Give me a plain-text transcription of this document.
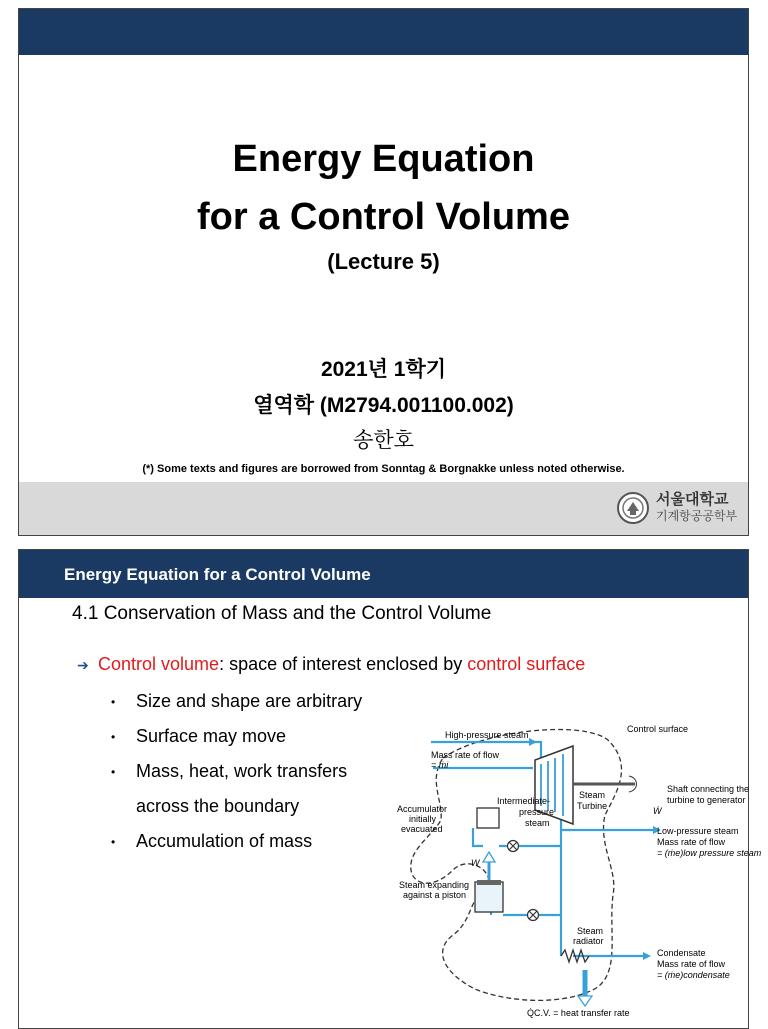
Energy Equation
for a Control Volume
(Lecture 5)
2021년 1학기
열역학 (M2794.001100.002)
송한호
(*) Some texts and figures are borrowed from Sonntag & Borgnakke unless noted otherwise.
서울대학교
기계항공공학부
Energy Equation for a Control Volume
4.1 Conservation of Mass and the Control Volume
➔ Control volume: space of interest enclosed by control surface
• Size and shape are arbitrary
• Surface may move
• Mass, heat, work transfers
across the boundary
• Accumulation of mass
High-pressure steam
Mass rate of flow
= ṁi
Control surface
Steam
Turbine
Shaft connecting the
turbine to generator
Ẇ
Intermediate-
pressure
steam
Accumulator
initially
evacuated	Low-pressure steam
Mass rate of flow
= (ṁe)low pressure steam
W
Steam expanding
against a piston
Steam
radiator
Condensate
Mass rate of flow
= (ṁe)condensate
Q̇C.V. = heat transfer rate
